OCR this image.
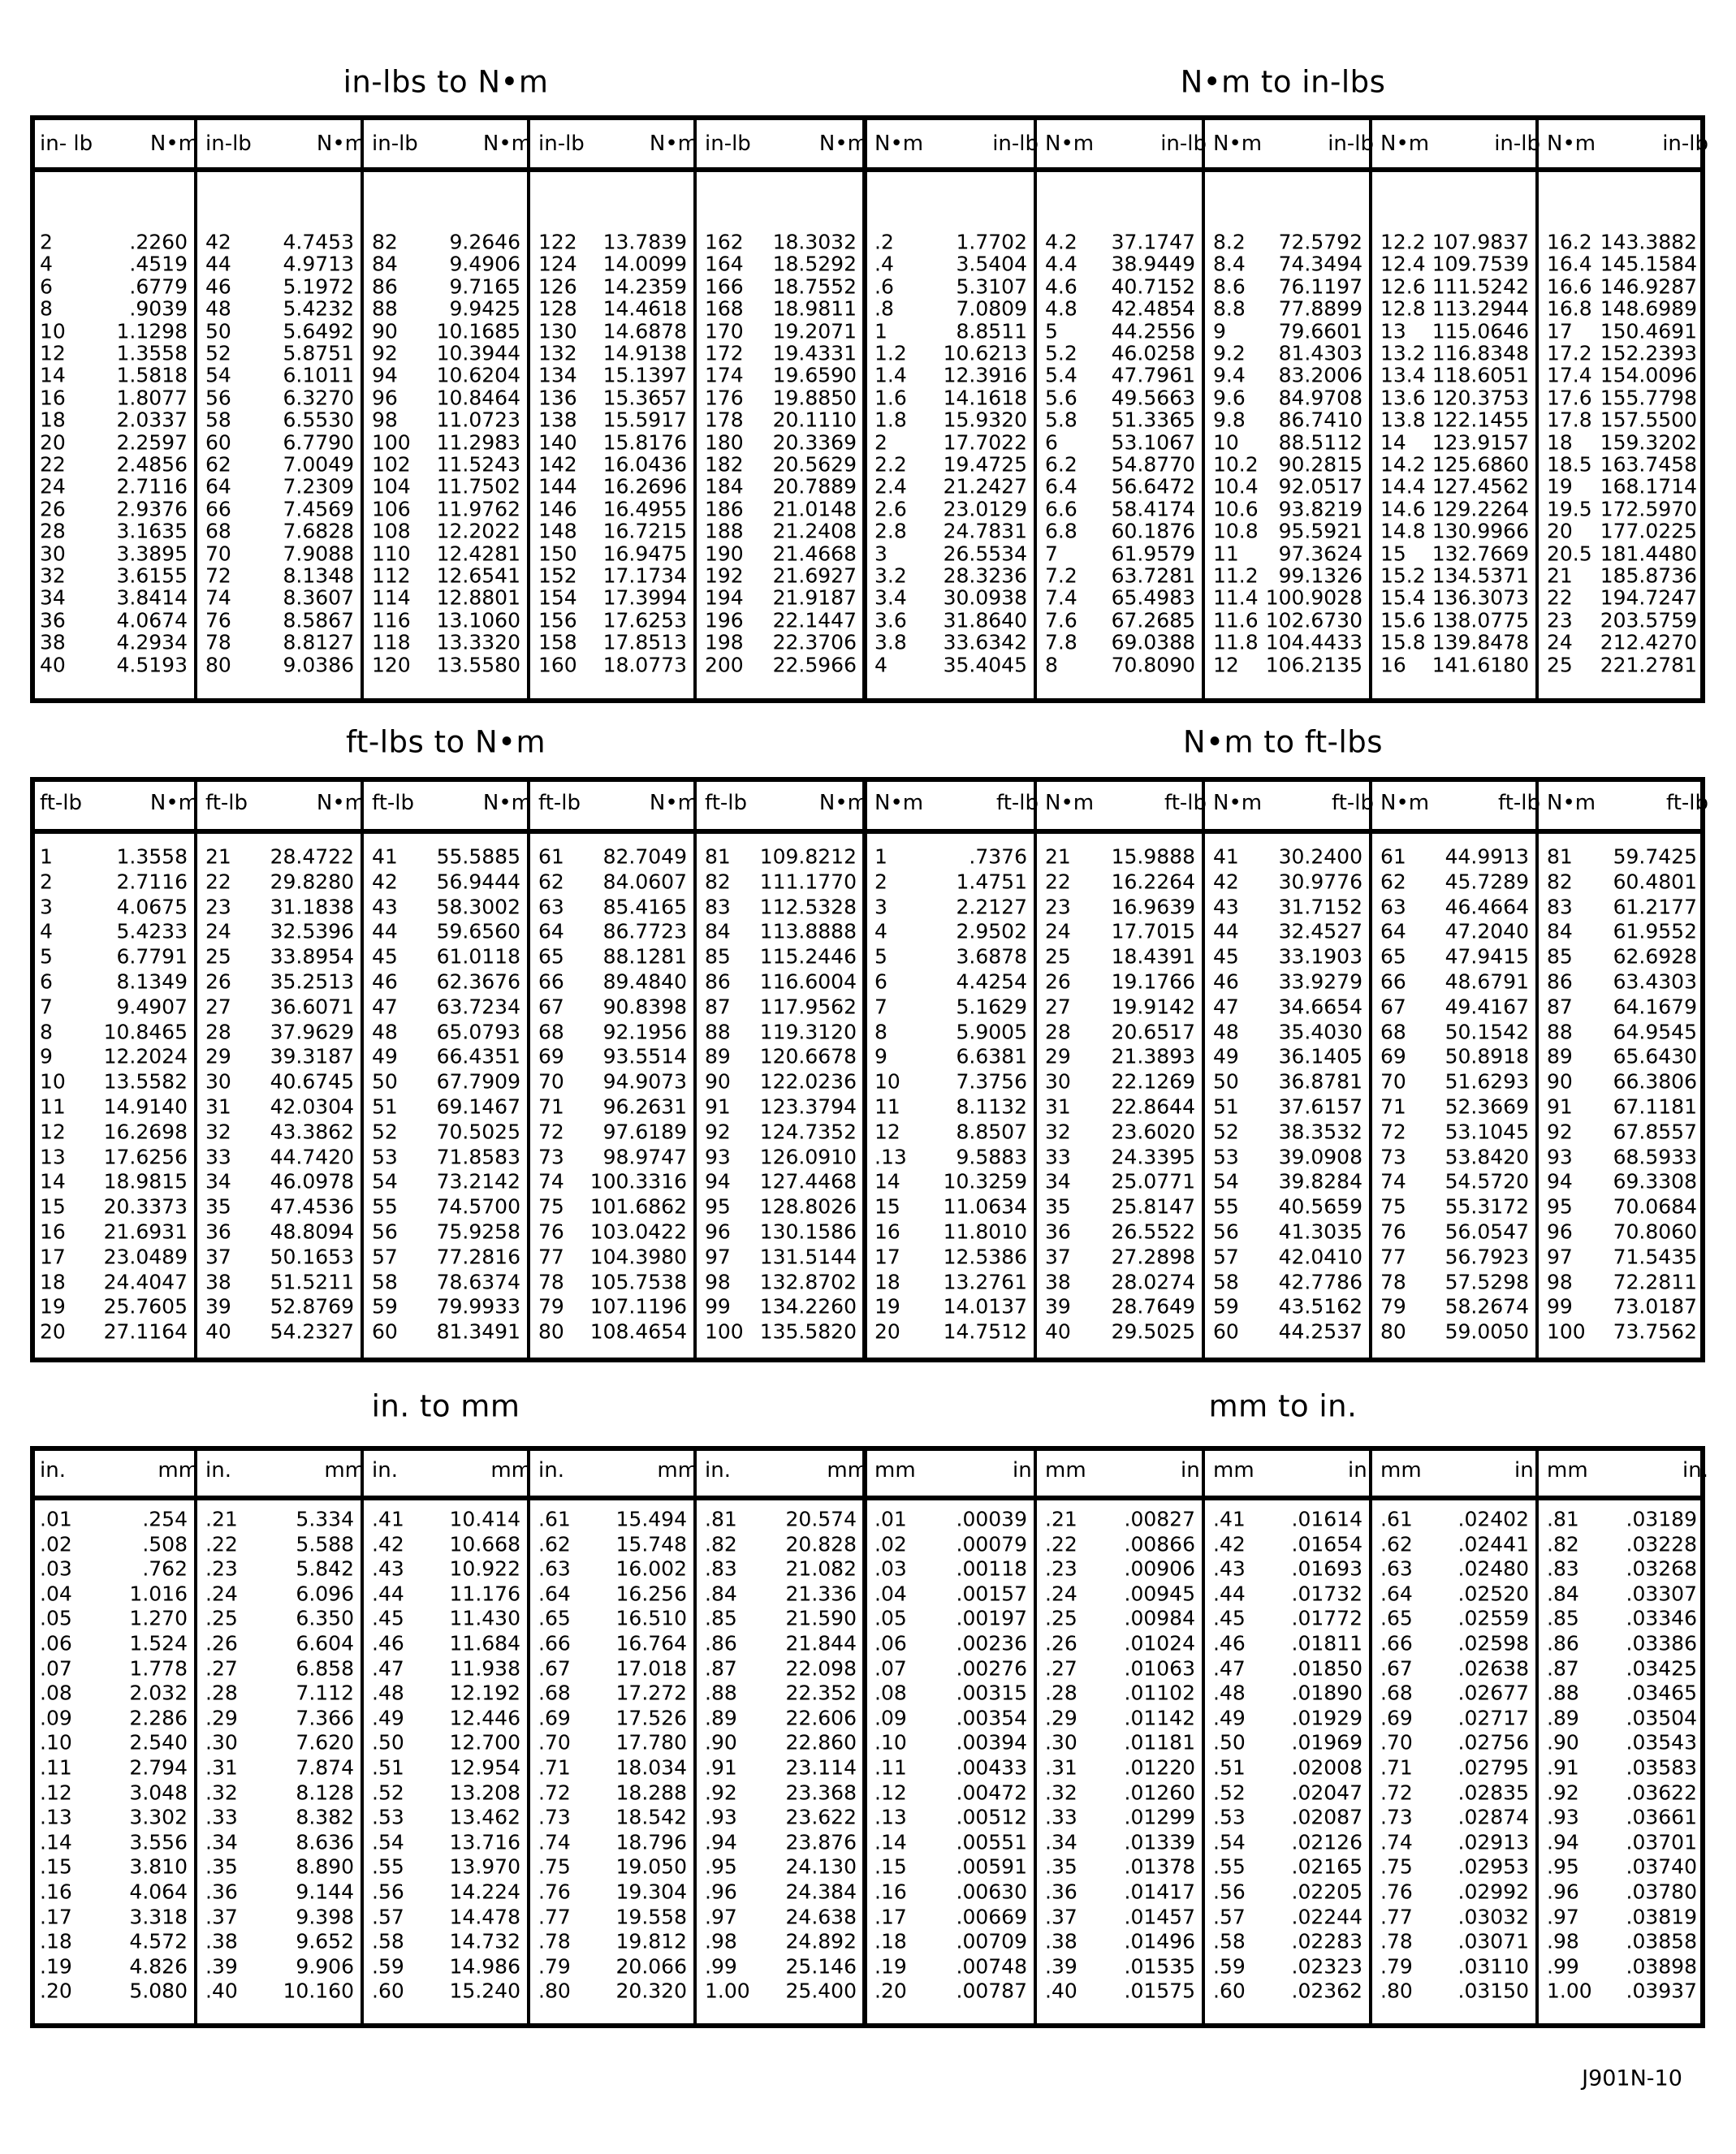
in-lbs to N•m	N•m to in-lbs
in- lb	N•m
2	.2260
4	.4519
6	.6779
8	.9039
10	1.1298
12	1.3558
14	1.5818
16	1.8077
18	2.0337
20	2.2597
22	2.4856
24	2.7116
26	2.9376
28	3.1635
30	3.3895
32	3.6155
34	3.8414
36	4.0674
38	4.2934
40	4.5193
in-lb	N•m
42	4.7453
44	4.9713
46	5.1972
48	5.4232
50	5.6492
52	5.8751
54	6.1011
56	6.3270
58	6.5530
60	6.7790
62	7.0049
64	7.2309
66	7.4569
68	7.6828
70	7.9088
72	8.1348
74	8.3607
76	8.5867
78	8.8127
80	9.0386
in-lb	N•m
82	9.2646
84	9.4906
86	9.7165
88	9.9425
90 10.1685
92 10.3944
94 10.6204
96 10.8464
98 11.0723
100 11.2983
102 11.5243
104 11.7502
106 11.9762
108 12.2022
110 12.4281
112 12.6541
114 12.8801
116 13.1060
118 13.3320
120 13.5580
in-lb	N•m
122 13.7839
124 14.0099
126 14.2359
128 14.4618
130 14.6878
132 14.9138
134 15.1397
136 15.3657
138 15.5917
140 15.8176
142 16.0436
144 16.2696
146 16.4955
148 16.7215
150 16.9475
152 17.1734
154 17.3994
156 17.6253
158 17.8513
160 18.0773
in-lb	N•m
162 18.3032
164 18.5292
166 18.7552
168 18.9811
170 19.2071
172 19.4331
174 19.6590
176 19.8850
178 20.1110
180 20.3369
182 20.5629
184 20.7889
186 21.0148
188 21.2408
190 21.4668
192 21.6927
194 21.9187
196 22.1447
198 22.3706
200 22.5966
N•m	in-lb
.2	1.7702
.4	3.5404
.6	5.3107
.8	7.0809
1	8.8511
1.2 10.6213
1.4 12.3916
1.6 14.1618
1.8 15.9320
2	17.7022
2.2 19.4725
2.4 21.2427
2.6 23.0129
2.8 24.7831
3	26.5534
3.2 28.3236
3.4 30.0938
3.6 31.8640
3.8 33.6342
4	35.4045
N•m	in-lb
4.2 37.1747
4.4 38.9449
4.6 40.7152
4.8 42.4854
5	44.2556
5.2 46.0258
5.4 47.7961
5.6 49.5663
5.8 51.3365
6	53.1067
6.2 54.8770
6.4 56.6472
6.6 58.4174
6.8 60.1876
7	61.9579
7.2 63.7281
7.4 65.4983
7.6 67.2685
7.8 69.0388
8	70.8090
N•m	in-lb
8.2 72.5792
8.4 74.3494
8.6 76.1197
8.8 77.8899
9	79.6601
9.2 81.4303
9.4 83.2006
9.6 84.9708
9.8 86.7410
10 88.5112
10.2 90.2815
10.4 92.0517
10.6 93.8219
10.8 95.5921
11 97.3624
11.2 99.1326
11.4 100.9028
11.6 102.6730
11.8 104.4433
12 106.2135
N•m	in-lb
12.2 107.9837
12.4 109.7539
12.6 111.5242
12.8 113.2944
13 115.0646
13.2 116.8348
13.4 118.6051
13.6 120.3753
13.8 122.1455
14 123.9157
14.2 125.6860
14.4 127.4562
14.6 129.2264
14.8 130.9966
15 132.7669
15.2 134.5371
15.4 136.3073
15.6 138.0775
15.8 139.8478
16 141.6180
N•m	in-lb
16.2 143.3882
16.4 145.1584
16.6 146.9287
16.8 148.6989
17 150.4691
17.2 152.2393
17.4 154.0096
17.6 155.7798
17.8 157.5500
18 159.3202
18.5 163.7458
19 168.1714
19.5 172.5970
20 177.0225
20.5 181.4480
21 185.8736
22 194.7247
23 203.5759
24 212.4270
25 221.2781
ft-lbs to N•m	N•m to ft-lbs
ft-lb	N•m
1	1.3558
2	2.7116
3	4.0675
4	5.4233
5	6.7791
6	8.1349
7	9.4907
8	10.8465
9	12.2024
10 13.5582
11 14.9140
12 16.2698
13 17.6256
14 18.9815
15 20.3373
16 21.6931
17 23.0489
18 24.4047
19 25.7605
20 27.1164
ft-lb	N•m
21 28.4722
22 29.8280
23 31.1838
24 32.5396
25 33.8954
26 35.2513
27 36.6071
28 37.9629
29 39.3187
30 40.6745
31 42.0304
32 43.3862
33 44.7420
34 46.0978
35 47.4536
36 48.8094
37 50.1653
38 51.5211
39 52.8769
40 54.2327
ft-lb	N•m
41 55.5885
42 56.9444
43 58.3002
44 59.6560
45 61.0118
46 62.3676
47 63.7234
48 65.0793
49 66.4351
50 67.7909
51 69.1467
52 70.5025
53 71.8583
54 73.2142
55 74.5700
56 75.9258
57 77.2816
58 78.6374
59 79.9933
60 81.3491
ft-lb	N•m
61 82.7049
62 84.0607
63 85.4165
64 86.7723
65 88.1281
66 89.4840
67 90.8398
68 92.1956
69 93.5514
70 94.9073
71 96.2631
72 97.6189
73 98.9747
74 100.3316
75 101.6862
76 103.0422
77 104.3980
78 105.7538
79 107.1196
80 108.4654
ft-lb	N•m
81 109.8212
82 111.1770
83 112.5328
84 113.8888
85 115.2446
86 116.6004
87 117.9562
88 119.3120
89 120.6678
90 122.0236
91 123.3794
92 124.7352
93 126.0910
94 127.4468
95 128.8026
96 130.1586
97 131.5144
98 132.8702
99 134.2260
100 135.5820
N•m	ft-lb
1	.7376
2	1.4751
3	2.2127
4	2.9502
5	3.6878
6	4.4254
7	5.1629
8	5.9005
9	6.6381
10	7.3756
11	8.1132
12	8.8507
.13 9.5883
14 10.3259
15 11.0634
16 11.8010
17 12.5386
18 13.2761
19 14.0137
20 14.7512
N•m	ft-lb
21 15.9888
22 16.2264
23 16.9639
24 17.7015
25 18.4391
26 19.1766
27 19.9142
28 20.6517
29 21.3893
30 22.1269
31 22.8644
32 23.6020
33 24.3395
34 25.0771
35 25.8147
36 26.5522
37 27.2898
38 28.0274
39 28.7649
40 29.5025
N•m	ft-lb
41 30.2400
42 30.9776
43 31.7152
44 32.4527
45 33.1903
46 33.9279
47 34.6654
48 35.4030
49 36.1405
50 36.8781
51 37.6157
52 38.3532
53 39.0908
54 39.8284
55 40.5659
56 41.3035
57 42.0410
58 42.7786
59 43.5162
60 44.2537
N•m	ft-lb
61 44.9913
62 45.7289
63 46.4664
64 47.2040
65 47.9415
66 48.6791
67 49.4167
68 50.1542
69 50.8918
70 51.6293
71 52.3669
72 53.1045
73 53.8420
74 54.5720
75 55.3172
76 56.0547
77 56.7923
78 57.5298
79 58.2674
80 59.0050
N•m	ft-lb
81 59.7425
82 60.4801
83 61.2177
84 61.9552
85 62.6928
86 63.4303
87 64.1679
88 64.9545
89 65.6430
90 66.3806
91 67.1181
92 67.8557
93 68.5933
94 69.3308
95 70.0684
96 70.8060
97 71.5435
98 72.2811
99 73.0187
100 73.7562
in. to mm	mm to in.
in.	mm
.01	.254
.02	.508
.03	.762
.04	1.016
.05	1.270
.06	1.524
.07	1.778
.08	2.032
.09	2.286
.10	2.540
.11	2.794
.12	3.048
.13	3.302
.14	3.556
.15	3.810
.16	4.064
.17	3.318
.18	4.572
.19	4.826
.20	5.080
in.	mm
.21	5.334
.22	5.588
.23	5.842
.24	6.096
.25	6.350
.26	6.604
.27	6.858
.28	7.112
.29	7.366
.30	7.620
.31	7.874
.32	8.128
.33	8.382
.34	8.636
.35	8.890
.36	9.144
.37	9.398
.38	9.652
.39	9.906
.40 10.160
in.	mm
.41 10.414
.42 10.668
.43 10.922
.44 11.176
.45 11.430
.46 11.684
.47 11.938
.48 12.192
.49 12.446
.50 12.700
.51 12.954
.52 13.208
.53 13.462
.54 13.716
.55 13.970
.56 14.224
.57 14.478
.58 14.732
.59 14.986
.60 15.240
in.	mm
.61 15.494
.62 15.748
.63 16.002
.64 16.256
.65 16.510
.66 16.764
.67 17.018
.68 17.272
.69 17.526
.70 17.780
.71 18.034
.72 18.288
.73 18.542
.74 18.796
.75 19.050
.76 19.304
.77 19.558
.78 19.812
.79 20.066
.80 20.320
in.	mm
.81 20.574
.82 20.828
.83 21.082
.84 21.336
.85 21.590
.86 21.844
.87 22.098
.88 22.352
.89 22.606
.90 22.860
.91 23.114
.92 23.368
.93 23.622
.94 23.876
.95 24.130
.96 24.384
.97 24.638
.98 24.892
.99 25.146
1.00 25.400
mm	in.
.01 .00039
.02 .00079
.03 .00118
.04 .00157
.05 .00197
.06 .00236
.07 .00276
.08 .00315
.09 .00354
.10 .00394
.11 .00433
.12 .00472
.13 .00512
.14 .00551
.15 .00591
.16 .00630
.17 .00669
.18 .00709
.19 .00748
.20 .00787
mm	in.
.21 .00827
.22 .00866
.23 .00906
.24 .00945
.25 .00984
.26 .01024
.27 .01063
.28 .01102
.29 .01142
.30 .01181
.31 .01220
.32 .01260
.33 .01299
.34 .01339
.35 .01378
.36 .01417
.37 .01457
.38 .01496
.39 .01535
.40 .01575
mm	in.
.41 .01614
.42 .01654
.43 .01693
.44 .01732
.45 .01772
.46 .01811
.47 .01850
.48 .01890
.49 .01929
.50 .01969
.51 .02008
.52 .02047
.53 .02087
.54 .02126
.55 .02165
.56 .02205
.57 .02244
.58 .02283
.59 .02323
.60 .02362
mm	in.
.61 .02402
.62 .02441
.63 .02480
.64 .02520
.65 .02559
.66 .02598
.67 .02638
.68 .02677
.69 .02717
.70 .02756
.71 .02795
.72 .02835
.73 .02874
.74 .02913
.75 .02953
.76 .02992
.77 .03032
.78 .03071
.79 .03110
.80 .03150
mm	in.
.81 .03189
.82 .03228
.83 .03268
.84 .03307
.85 .03346
.86 .03386
.87 .03425
.88 .03465
.89 .03504
.90 .03543
.91 .03583
.92 .03622
.93 .03661
.94 .03701
.95 .03740
.96 .03780
.97 .03819
.98 .03858
.99 .03898
1.00 .03937
J901N-10
